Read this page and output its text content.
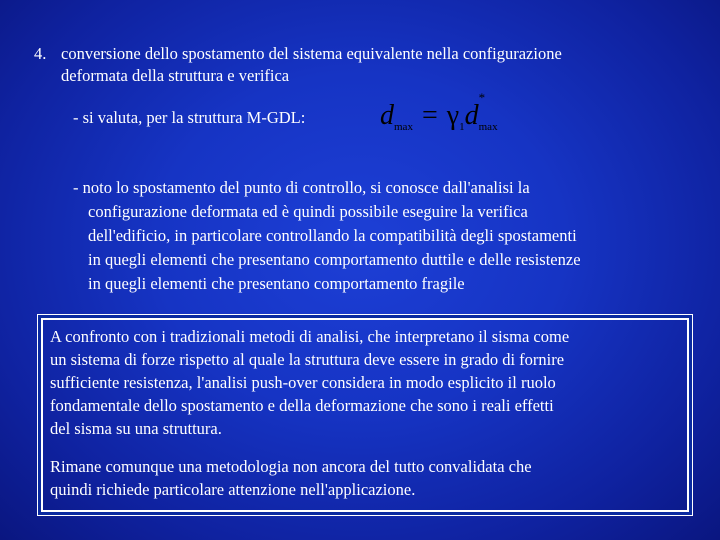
4. conversione dello spostamento del sistema equivalente nella configurazione
deformata della struttura e verifica
- si valuta, per la struttura M-GDL:	$d_{max} = \gamma_1d$
*
$_{max}$
- noto lo spostamento del punto di controllo, si conosce dall'analisi la
configurazione deformata ed è quindi possibile eseguire la verifica
dell'edificio, in particolare controllando la compatibilità degli spostamenti
in quegli elementi che presentano comportamento duttile e delle resistenze
in quegli elementi che presentano comportamento fragile
A confronto con i tradizionali metodi di analisi, che interpretano il sisma come
un sistema di forze rispetto al quale la struttura deve essere in grado di fornire
sufficiente resistenza, l'analisi push-over considera in modo esplicito il ruolo
fondamentale dello spostamento e della deformazione che sono i reali effetti
del sisma su una struttura.
Rimane comunque una metodologia non ancora del tutto convalidata che
quindi richiede particolare attenzione nell'applicazione.
